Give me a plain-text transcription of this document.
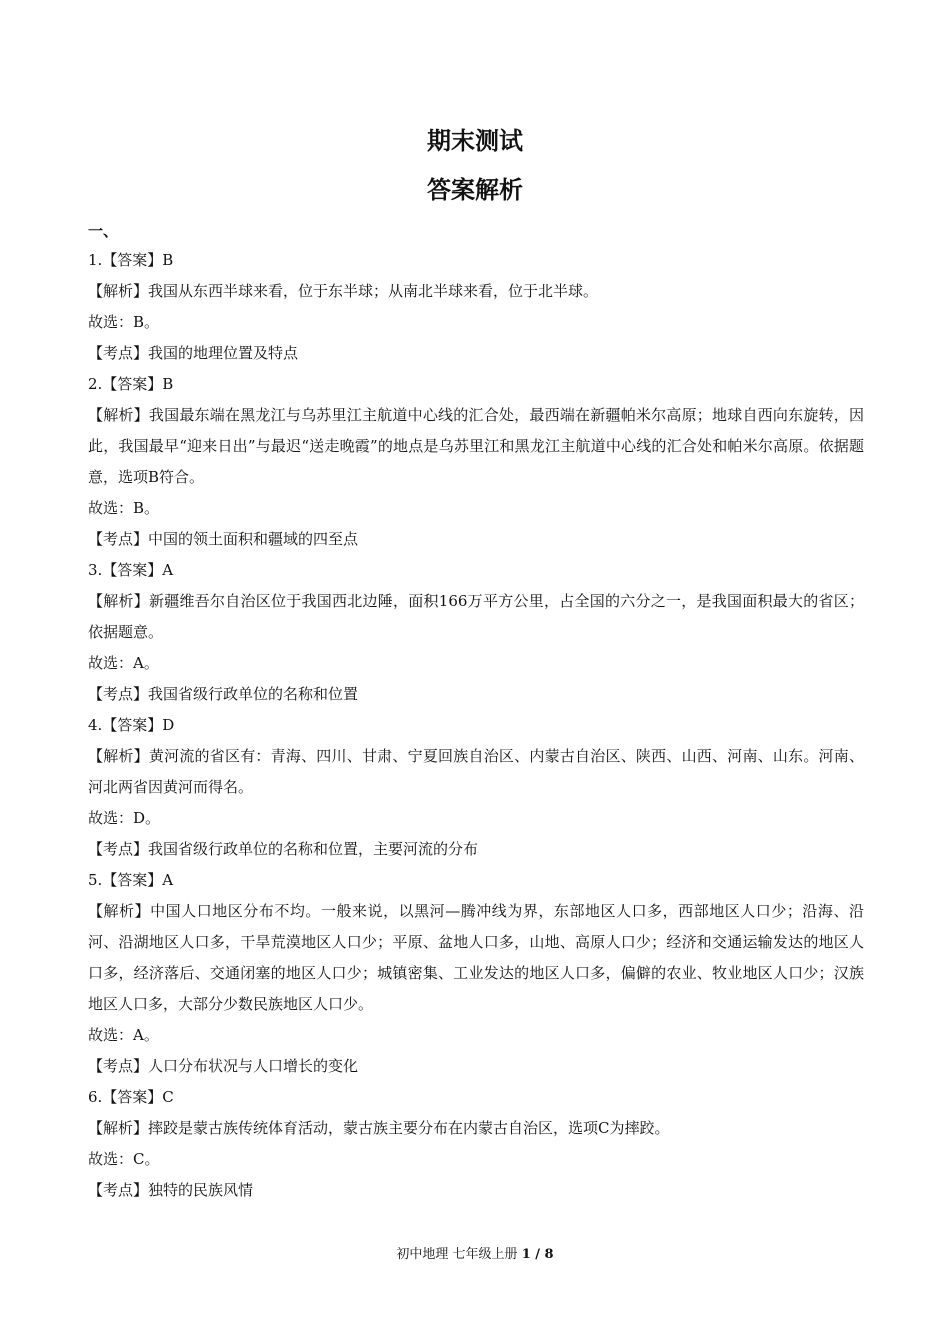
期末测试
答案解析
一、

1.【答案】B

【解析】我国从东西半球来看，位于东半球；从南北半球来看，位于北半球。

故选：B。

【考点】我国的地理位置及特点

2.【答案】B

【解析】我国最东端在黑龙江与乌苏里江主航道中心线的汇合处，最西端在新疆帕米尔高原；地球自西向东旋转，因此，我国最早“迎来日出”与最迟“送走晚霞”的地点是乌苏里江和黑龙江主航道中心线的汇合处和帕米尔高原。依据题意，选项B符合。

故选：B。

【考点】中国的领土面积和疆域的四至点

3.【答案】A

【解析】新疆维吾尔自治区位于我国西北边陲，面积166万平方公里，占全国的六分之一，是我国面积最大的省区；依据题意。

故选：A。

【考点】我国省级行政单位的名称和位置

4.【答案】D

【解析】黄河流的省区有：青海、四川、甘肃、宁夏回族自治区、内蒙古自治区、陕西、山西、河南、山东。河南、河北两省因黄河而得名。

故选：D。

【考点】我国省级行政单位的名称和位置，主要河流的分布

5.【答案】A

【解析】中国人口地区分布不均。一般来说，以黑河—腾冲线为界，东部地区人口多，西部地区人口少；沿海、沿河、沿湖地区人口多，干旱荒漠地区人口少；平原、盆地人口多，山地、高原人口少；经济和交通运输发达的地区人口多，经济落后、交通闭塞的地区人口少；城镇密集、工业发达的地区人口多，偏僻的农业、牧业地区人口少；汉族地区人口多，大部分少数民族地区人口少。

故选：A。

【考点】人口分布状况与人口增长的变化

6.【答案】C

【解析】摔跤是蒙古族传统体育活动，蒙古族主要分布在内蒙古自治区，选项C为摔跤。

故选：C。

【考点】独特的民族风情

初中地理 七年级上册 1 / 8
